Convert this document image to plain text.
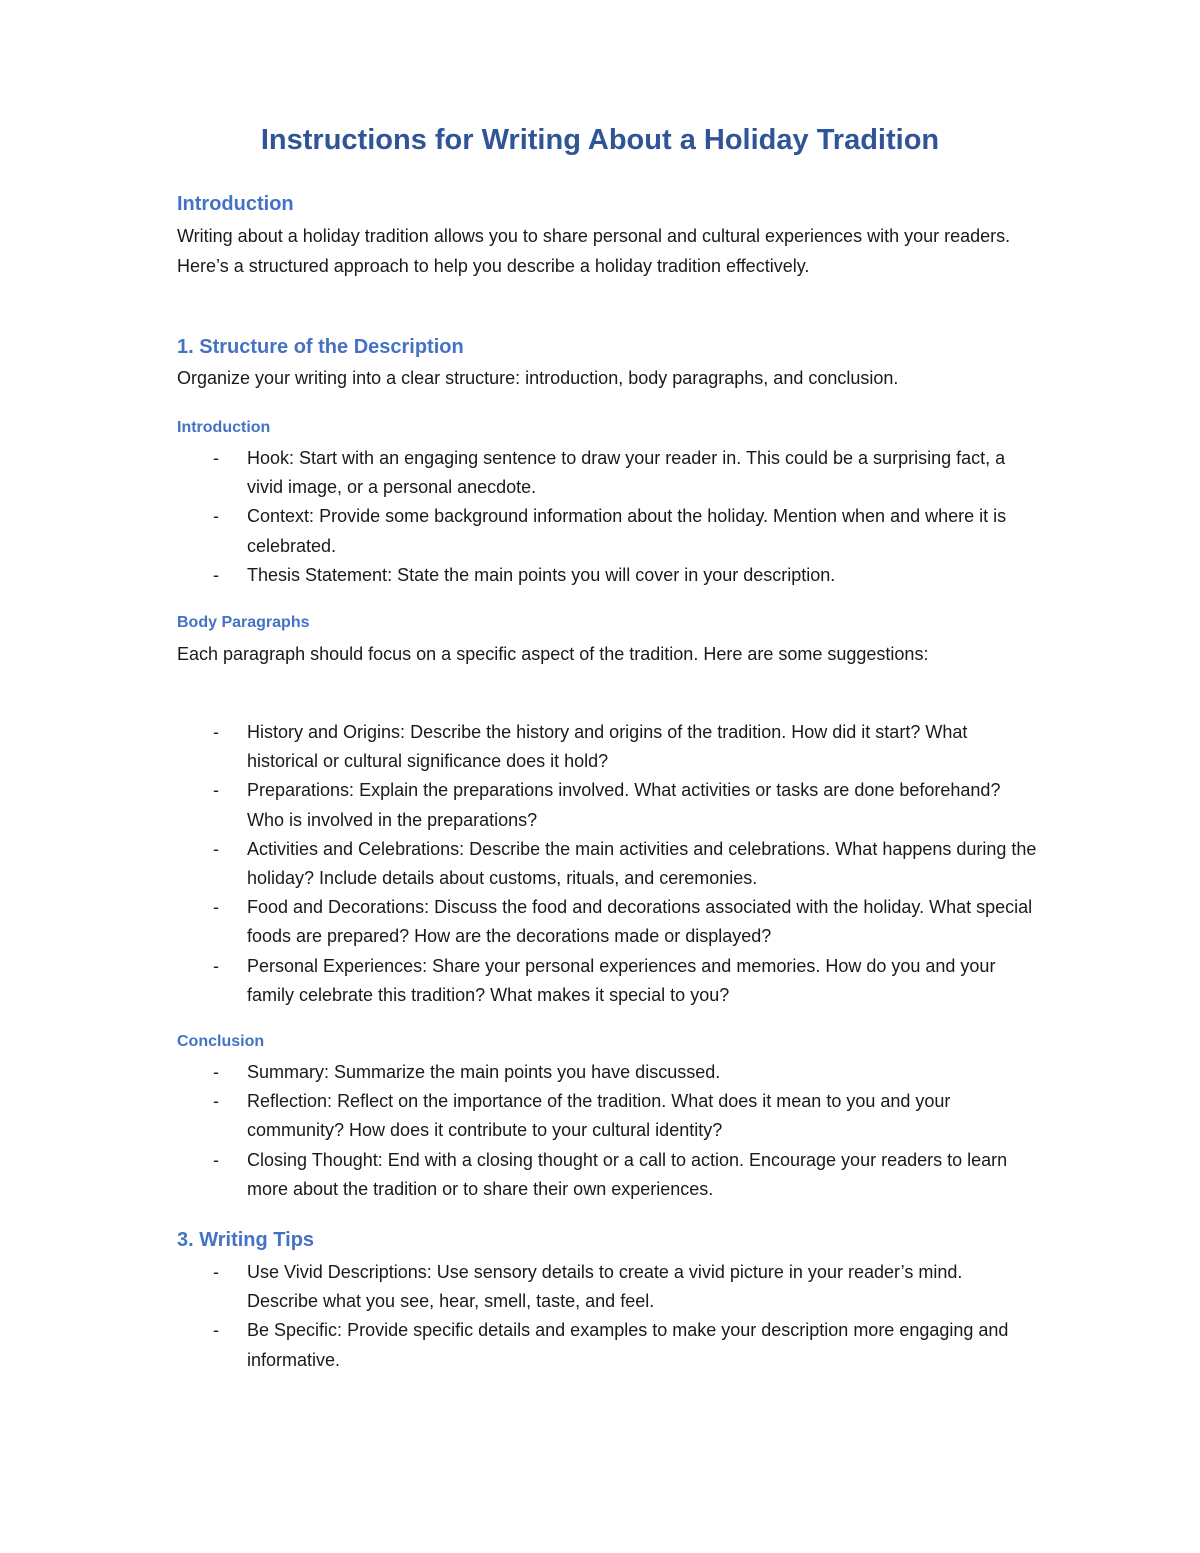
Instructions for Writing About a Holiday Tradition
Introduction

Writing about a holiday tradition allows you to share personal and cultural experiences with your readers. Here’s a structured approach to help you describe a holiday tradition effectively.

1. Structure of the Description

Organize your writing into a clear structure: introduction, body paragraphs, and conclusion.

Introduction
- Hook: Start with an engaging sentence to draw your reader in. This could be a surprising fact, a vivid image, or a personal anecdote.
- Context: Provide some background information about the holiday. Mention when and where it is celebrated.
- Thesis Statement: State the main points you will cover in your description.
Body Paragraphs

Each paragraph should focus on a specific aspect of the tradition. Here are some suggestions:

- History and Origins: Describe the history and origins of the tradition. How did it start? What historical or cultural significance does it hold?
- Preparations: Explain the preparations involved. What activities or tasks are done beforehand? Who is involved in the preparations?
- Activities and Celebrations: Describe the main activities and celebrations. What happens during the holiday? Include details about customs, rituals, and ceremonies.
- Food and Decorations: Discuss the food and decorations associated with the holiday. What special foods are prepared? How are the decorations made or displayed?
- Personal Experiences: Share your personal experiences and memories. How do you and your family celebrate this tradition? What makes it special to you?
Conclusion
- Summary: Summarize the main points you have discussed.
- Reflection: Reflect on the importance of the tradition. What does it mean to you and your community? How does it contribute to your cultural identity?
- Closing Thought: End with a closing thought or a call to action. Encourage your readers to learn more about the tradition or to share their own experiences.
3. Writing Tips
- Use Vivid Descriptions: Use sensory details to create a vivid picture in your reader’s mind. Describe what you see, hear, smell, taste, and feel.
- Be Specific: Provide specific details and examples to make your description more engaging and informative.
